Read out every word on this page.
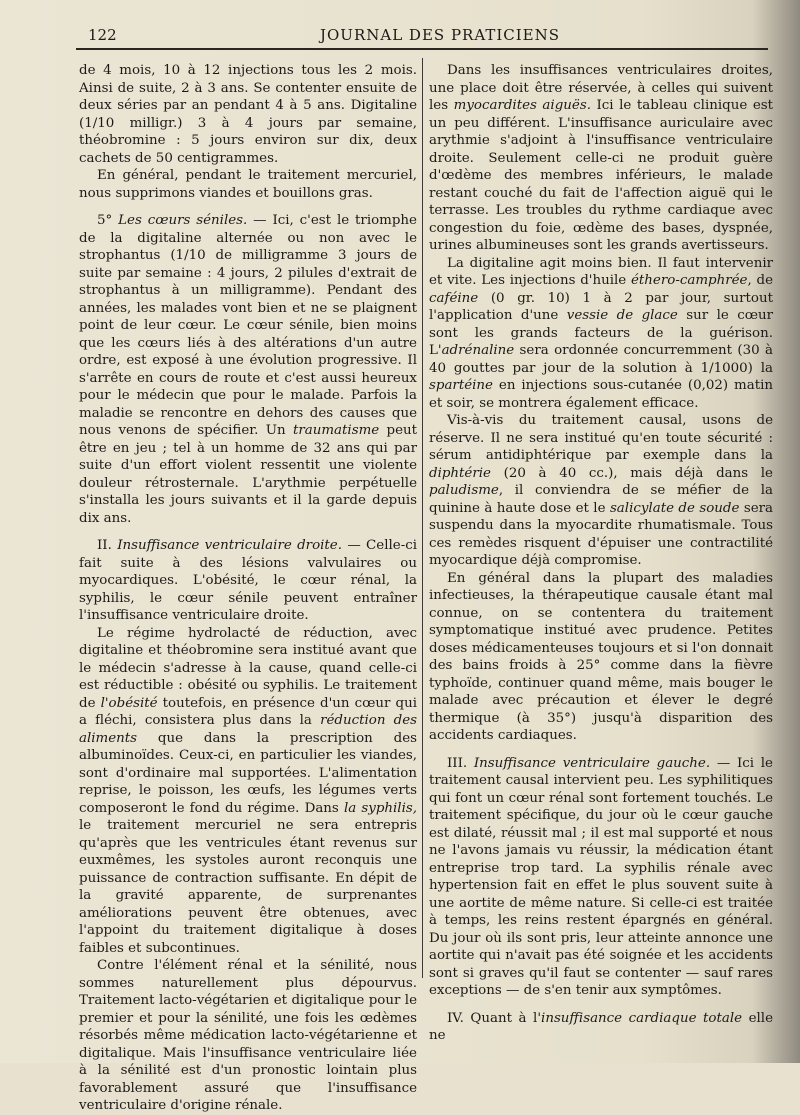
122	JOURNAL DES PRATICIENS

de 4 mois, 10 à 12 injections tous les 2 mois. Ainsi de suite, 2 à 3 ans. Se contenter ensuite de deux séries par an pendant 4 à 5 ans. Digitaline (1/10 milligr.) 3 à 4 jours par semaine, théobromine : 5 jours environ sur dix, deux cachets de 50 centigrammes.

En général, pendant le traitement mercuriel, nous supprimons viandes et bouillons gras.

5° Les cœurs séniles. — Ici, c'est le triomphe de la digitaline alternée ou non avec le strophantus (1/10 de milligramme 3 jours de suite par semaine : 4 jours, 2 pilules d'extrait de strophantus à un milligramme). Pendant des années, les malades vont bien et ne se plaignent point de leur cœur. Le cœur sénile, bien moins que les cœurs liés à des altérations d'un autre ordre, est exposé à une évolution progressive. Il s'arrête en cours de route et c'est aussi heureux pour le médecin que pour le malade. Parfois la maladie se rencontre en dehors des causes que nous venons de spécifier. Un traumatisme peut être en jeu ; tel à un homme de 32 ans qui par suite d'un effort violent ressentit une violente douleur rétrosternale. L'arythmie perpétuelle s'installa les jours suivants et il la garde depuis dix ans.

II. Insuffisance ventriculaire droite. — Celle-ci fait suite à des lésions valvulaires ou myocardiques. L'obésité, le cœur rénal, la syphilis, le cœur sénile peuvent entraîner l'insuffisance ventriculaire droite.

Le régime hydrolacté de réduction, avec digitaline et théobromine sera institué avant que le médecin s'adresse à la cause, quand celle-ci est réductible : obésité ou syphilis. Le traitement de l'obésité toutefois, en présence d'un cœur qui a fléchi, consistera plus dans la réduction des aliments que dans la prescription des albuminoïdes. Ceux-ci, en particulier les viandes, sont d'ordinaire mal supportées. L'alimentation reprise, le poisson, les œufs, les légumes verts composeront le fond du régime. Dans la syphilis, le traitement mercuriel ne sera entrepris qu'après que les ventricules étant revenus sur euxmêmes, les systoles auront reconquis une puissance de contraction suffisante. En dépit de la gravité apparente, de surprenantes améliorations peuvent être obtenues, avec l'appoint du traitement digitalique à doses faibles et subcontinues.

Contre l'élément rénal et la sénilité, nous sommes naturellement plus dépourvus. Traitement lacto-végétarien et digitalique pour le premier et pour la sénilité, une fois les œdèmes résorbés même médication lacto-végétarienne et digitalique. Mais l'insuffisance ventriculaire liée à la sénilité est d'un pronostic lointain plus favorablement assuré que l'insuffisance ventriculaire d'origine rénale.

Dans les insuffisances ventriculaires droites, une place doit être réservée, à celles qui suivent les myocardites aiguës. Ici le tableau clinique est un peu différent. L'insuffisance auriculaire avec arythmie s'adjoint à l'insuffisance ventriculaire droite. Seulement celle-ci ne produit guère d'œdème des membres inférieurs, le malade restant couché du fait de l'affection aiguë qui le terrasse. Les troubles du rythme cardiaque avec congestion du foie, œdème des bases, dyspnée, urines albumineuses sont les grands avertisseurs.

La digitaline agit moins bien. Il faut intervenir et vite. Les injections d'huile éthero-camphrée, de caféine (0 gr. 10) 1 à 2 par jour, surtout l'application d'une vessie de glace sur le cœur sont les grands facteurs de la guérison. L'adrénaline sera ordonnée concurremment (30 à 40 gouttes par jour de la solution à 1/1000) la spartéine en injections sous-cutanée (0,02) matin et soir, se montrera également efficace.

Vis-à-vis du traitement causal, usons de réserve. Il ne sera institué qu'en toute sécurité : sérum antidiphtérique par exemple dans la diphtérie (20 à 40 cc.), mais déjà dans le paludisme, il conviendra de se méfier de la quinine à haute dose et le salicylate de soude sera suspendu dans la myocardite rhumatismale. Tous ces remèdes risquent d'épuiser une contractilité myocardique déjà compromise.

En général dans la plupart des maladies infectieuses, la thérapeutique causale étant mal connue, on se contentera du traitement symptomatique institué avec prudence. Petites doses médicamenteuses toujours et si l'on donnait des bains froids à 25° comme dans la fièvre typhoïde, continuer quand même, mais bouger le malade avec précaution et élever le degré thermique (à 35°) jusqu'à disparition des accidents cardiaques.

III. Insuffisance ventriculaire gauche. — Ici le traitement causal intervient peu. Les syphilitiques qui font un cœur rénal sont fortement touchés. Le traitement spécifique, du jour où le cœur gauche est dilaté, réussit mal ; il est mal supporté et nous ne l'avons jamais vu réussir, la médication étant entreprise trop tard. La syphilis rénale avec hypertension fait en effet le plus souvent suite à une aortite de même nature. Si celle-ci est traitée à temps, les reins restent épargnés en général. Du jour où ils sont pris, leur atteinte annonce une aortite qui n'avait pas été soignée et les accidents sont si graves qu'il faut se contenter — sauf rares exceptions — de s'en tenir aux symptômes.

IV. Quant à l'insuffisance cardiaque totale elle ne
